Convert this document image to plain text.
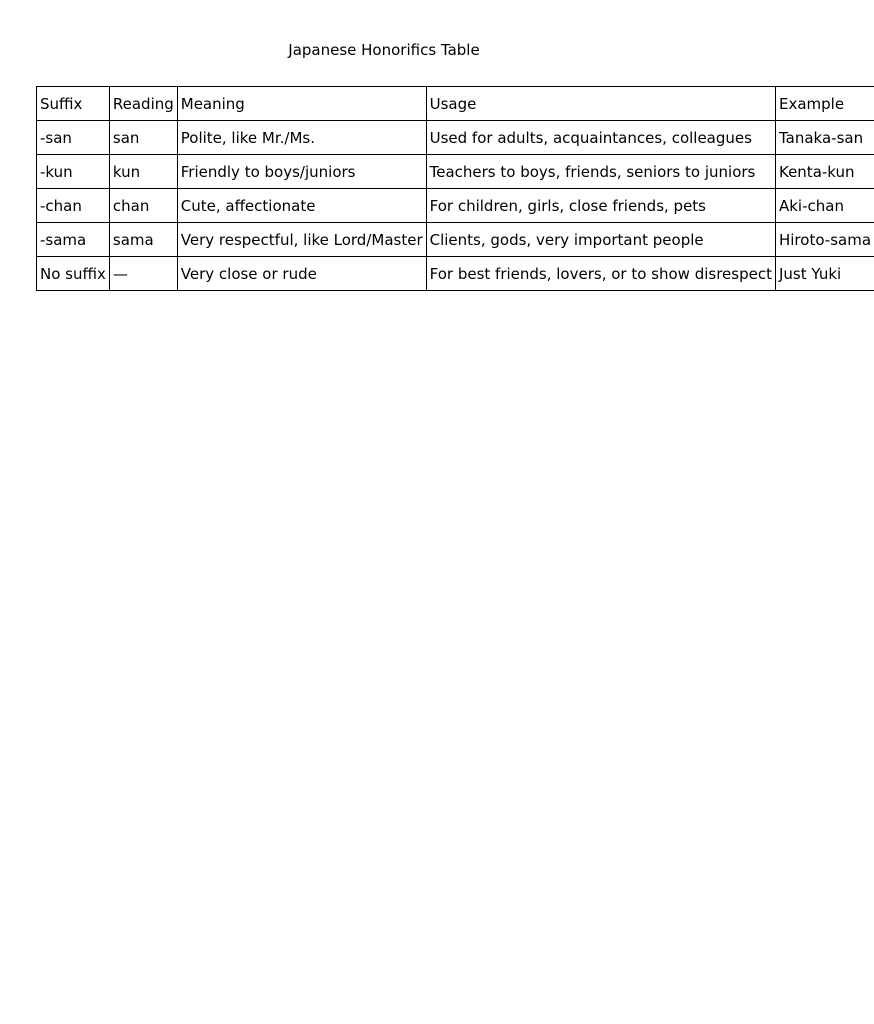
Japanese Honorifics Table
Suffix	Reading	Meaning	Usage	Example
-san	san	Polite, like Mr./Ms.	Used for adults, acquaintances, colleagues	Tanaka-san
-kun	kun	Friendly to boys/juniors	Teachers to boys, friends, seniors to juniors	Kenta-kun
-chan	chan	Cute, affectionate	For children, girls, close friends, pets	Aki-chan
-sama	sama	Very respectful, like Lord/Master	Clients, gods, very important people	Hiroto-sama
No suffix	—	Very close or rude	For best friends, lovers, or to show disrespect	Just Yuki
